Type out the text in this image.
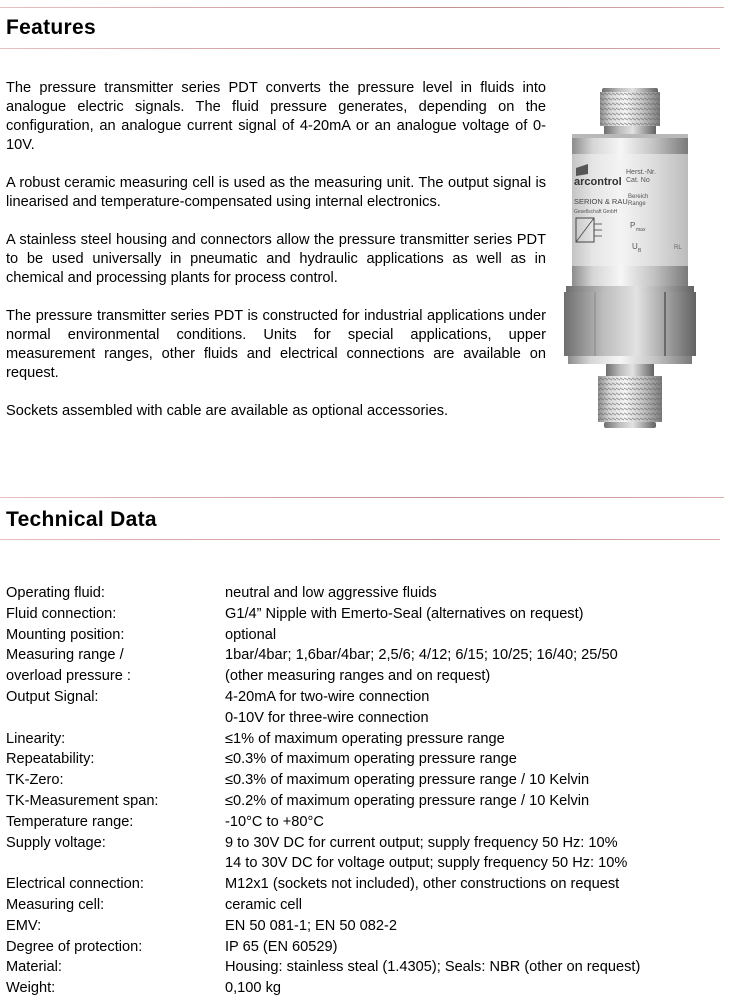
Features

The pressure transmitter series PDT converts the pressure level in fluids into analogue electric signals. The fluid pressure generates, depending on the configuration, an analogue current signal of 4-20mA or an analogue voltage of 0-10V.

A robust ceramic measuring cell is used as the measuring unit. The output signal is linearised and temperature-compensated using internal electronics.

A stainless steel housing and connectors allow the pressure transmitter series PDT to be used universally in pneumatic and hydraulic applications as well as in chemical and processing plants for process control.

The pressure transmitter series PDT is constructed for industrial applications under normal environmental conditions. Units for special applications, upper measurement ranges, other fluids and electrical connections are available on request.

Sockets assembled with cable are available as optional accessories.

arcontrol
SERION & RAU
Gesellschaft GmbH
Herst.-Nr.
Cat. No
Bereich
Range
P max
U B	RL
Technical Data
Operating fluid:	neutral and low aggressive fluids
Fluid connection:	G1/4” Nipple with Emerto-Seal (alternatives on request)
Mounting position:	optional
Measuring range /	1bar/4bar; 1,6bar/4bar; 2,5/6; 4/12; 6/15; 10/25; 16/40; 25/50
overload pressure :	(other measuring ranges and on request)
Output Signal:	4-20mA for two-wire connection
0-10V for three-wire connection
Linearity:	≤1% of maximum operating pressure range
Repeatability:	≤0.3% of maximum operating pressure range
TK-Zero:	≤0.3% of maximum operating pressure range / 10 Kelvin
TK-Measurement span:	≤0.2% of maximum operating pressure range / 10 Kelvin
Temperature range:	-10°C to +80°C
Supply voltage:	9 to 30V DC for current output; supply frequency 50 Hz: 10%
14 to 30V DC for voltage output; supply frequency 50 Hz: 10%
Electrical connection:	M12x1 (sockets not included), other constructions on request
Measuring cell:	ceramic cell
EMV:	EN 50 081-1; EN 50 082-2
Degree of protection:	IP 65 (EN 60529)
Material:	Housing: stainless steal (1.4305); Seals: NBR (other on request)
Weight:	0,100 kg
